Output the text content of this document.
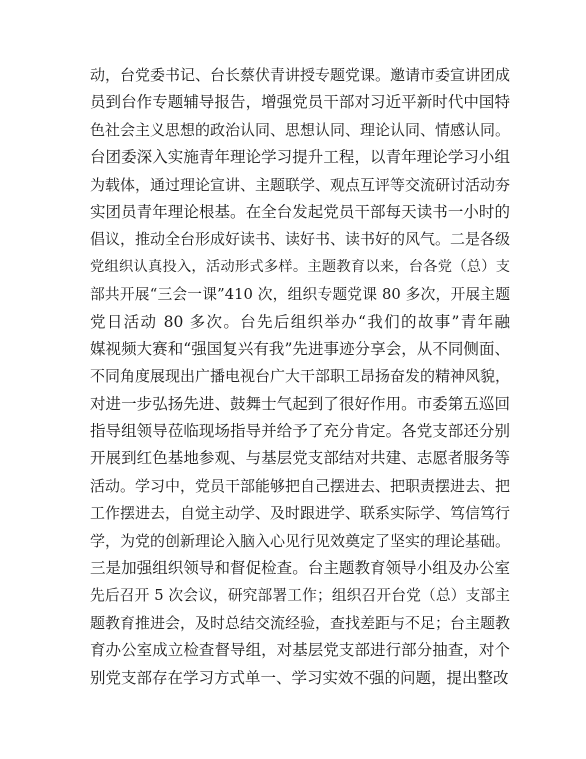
动，台党委书记、台长蔡伏青讲授专题党课。邀请市委宣讲团成
员到台作专题辅导报告，增强党员干部对习近平新时代中国特
色社会主义思想的政治认同、思想认同、理论认同、情感认同。
台团委深入实施青年理论学习提升工程，以青年理论学习小组
为载体，通过理论宣讲、主题联学、观点互评等交流研讨活动夯
实团员青年理论根基。在全台发起党员干部每天读书一小时的
倡议，推动全台形成好读书、读好书、读书好的风气。二是各级
党组织认真投入，活动形式多样。主题教育以来，台各党（总）支
部共开展“三会一课”410 次，组织专题党课 80 多次，开展主题
党日活动 80 多次。台先后组织举办“我们的故事”青年融
媒视频大赛和“强国复兴有我”先进事迹分享会，从不同侧面、
不同角度展现出广播电视台广大干部职工昂扬奋发的精神风貌，
对进一步弘扬先进、鼓舞士气起到了很好作用。市委第五巡回
指导组领导莅临现场指导并给予了充分肯定。各党支部还分别
开展到红色基地参观、与基层党支部结对共建、志愿者服务等
活动。学习中，党员干部能够把自己摆进去、把职责摆进去、把
工作摆进去，自觉主动学、及时跟进学、联系实际学、笃信笃行
学，为党的创新理论入脑入心见行见效奠定了坚实的理论基础。
三是加强组织领导和督促检查。台主题教育领导小组及办公室
先后召开 5 次会议，研究部署工作；组织召开台党（总）支部主
题教育推进会，及时总结交流经验，查找差距与不足；台主题教
育办公室成立检查督导组，对基层党支部进行部分抽查，对个
别党支部存在学习方式单一、学习实效不强的问题，提出整改
